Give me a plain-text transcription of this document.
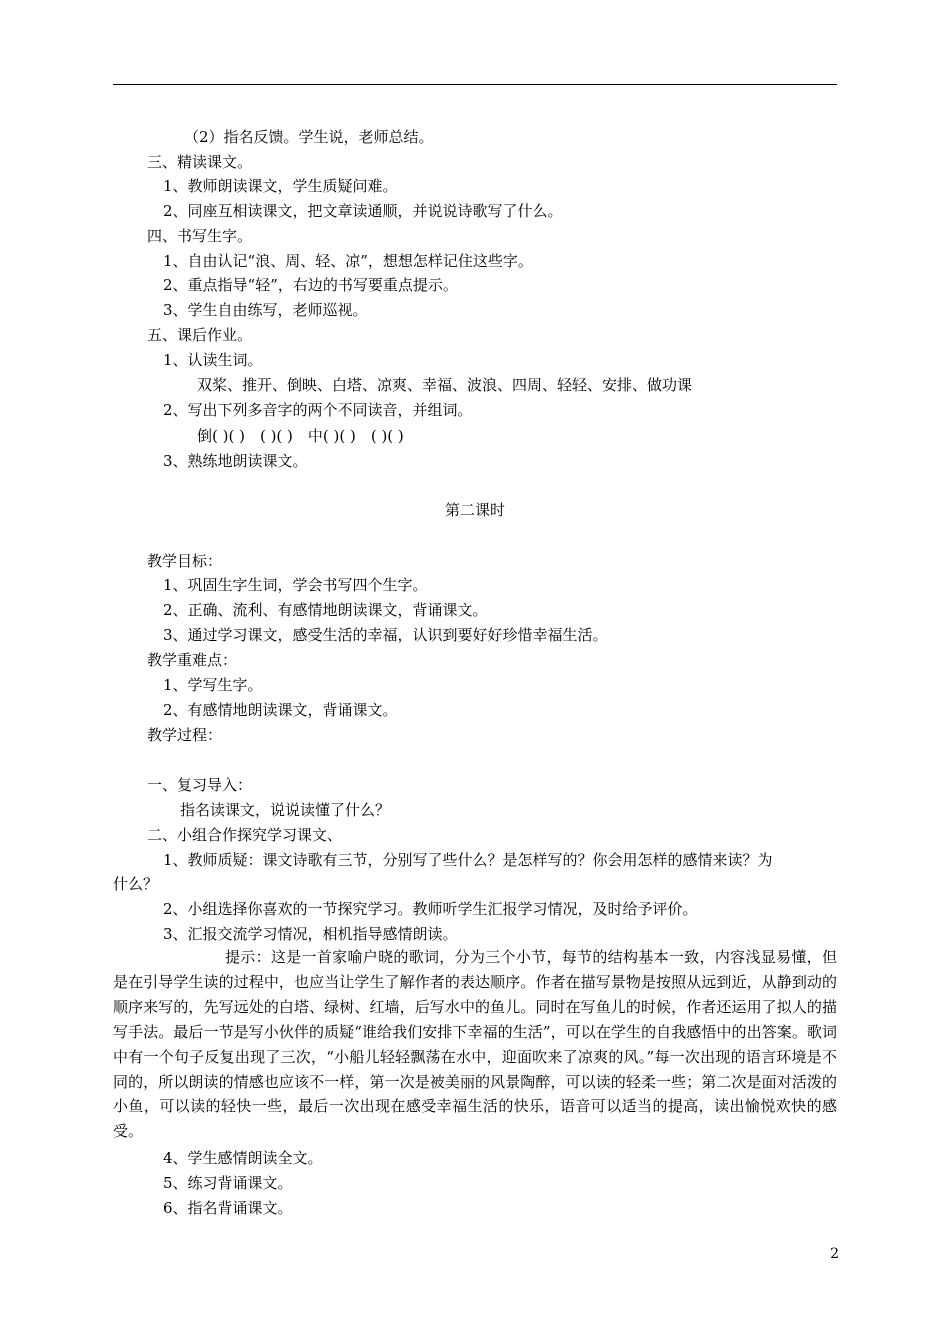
（2）指名反馈。学生说，老师总结。
三、精读课文。
1、教师朗读课文，学生质疑问难。
2、同座互相读课文，把文章读通顺，并说说诗歌写了什么。
四、书写生字。
1、自由认记“浪、周、轻、凉”，想想怎样记住这些字。
2、重点指导“轻”，右边的书写要重点提示。
3、学生自由练写，老师巡视。
五、课后作业。
1、认读生词。
双桨、推开、倒映、白塔、凉爽、幸福、波浪、四周、轻轻、安排、做功课
2、写出下列多音字的两个不同读音，并组词。
倒( )( )　( )( )　中( )( )　( )( )
3、熟练地朗读课文。
第二课时
教学目标：
1、巩固生字生词，学会书写四个生字。
2、正确、流利、有感情地朗读课文，背诵课文。
3、通过学习课文，感受生活的幸福，认识到要好好珍惜幸福生活。
教学重难点：
1、学写生字。
2、有感情地朗读课文，背诵课文。
教学过程：
一、复习导入：
指名读课文，说说读懂了什么？
二、小组合作探究学习课文、
1、教师质疑：课文诗歌有三节，分别写了些什么？是怎样写的？你会用怎样的感情来读？为
什么？
2、小组选择你喜欢的一节探究学习。教师听学生汇报学习情况，及时给予评价。
3、汇报交流学习情况，相机指导感情朗读。
提示：这是一首家喻户晓的歌词，分为三个小节，每节的结构基本一致，内容浅显易懂，但是在引导学生读的过程中，也应当让学生了解作者的表达顺序。作者在描写景物是按照从远到近，从静到动的顺序来写的，先写远处的白塔、绿树、红墙，后写水中的鱼儿。同时在写鱼儿的时候，作者还运用了拟人的描写手法。最后一节是写小伙伴的质疑“谁给我们安排下幸福的生活”，可以在学生的自我感悟中的出答案。歌词中有一个句子反复出现了三次，“小船儿轻轻飘荡在水中，迎面吹来了凉爽的风。”每一次出现的语言环境是不同的，所以朗读的情感也应该不一样，第一次是被美丽的风景陶醉，可以读的轻柔一些；第二次是面对活泼的小鱼，可以读的轻快一些，最后一次出现在感受幸福生活的快乐，语音可以适当的提高，读出愉悦欢快的感受。
4、学生感情朗读全文。
5、练习背诵课文。
6、指名背诵课文。
2
